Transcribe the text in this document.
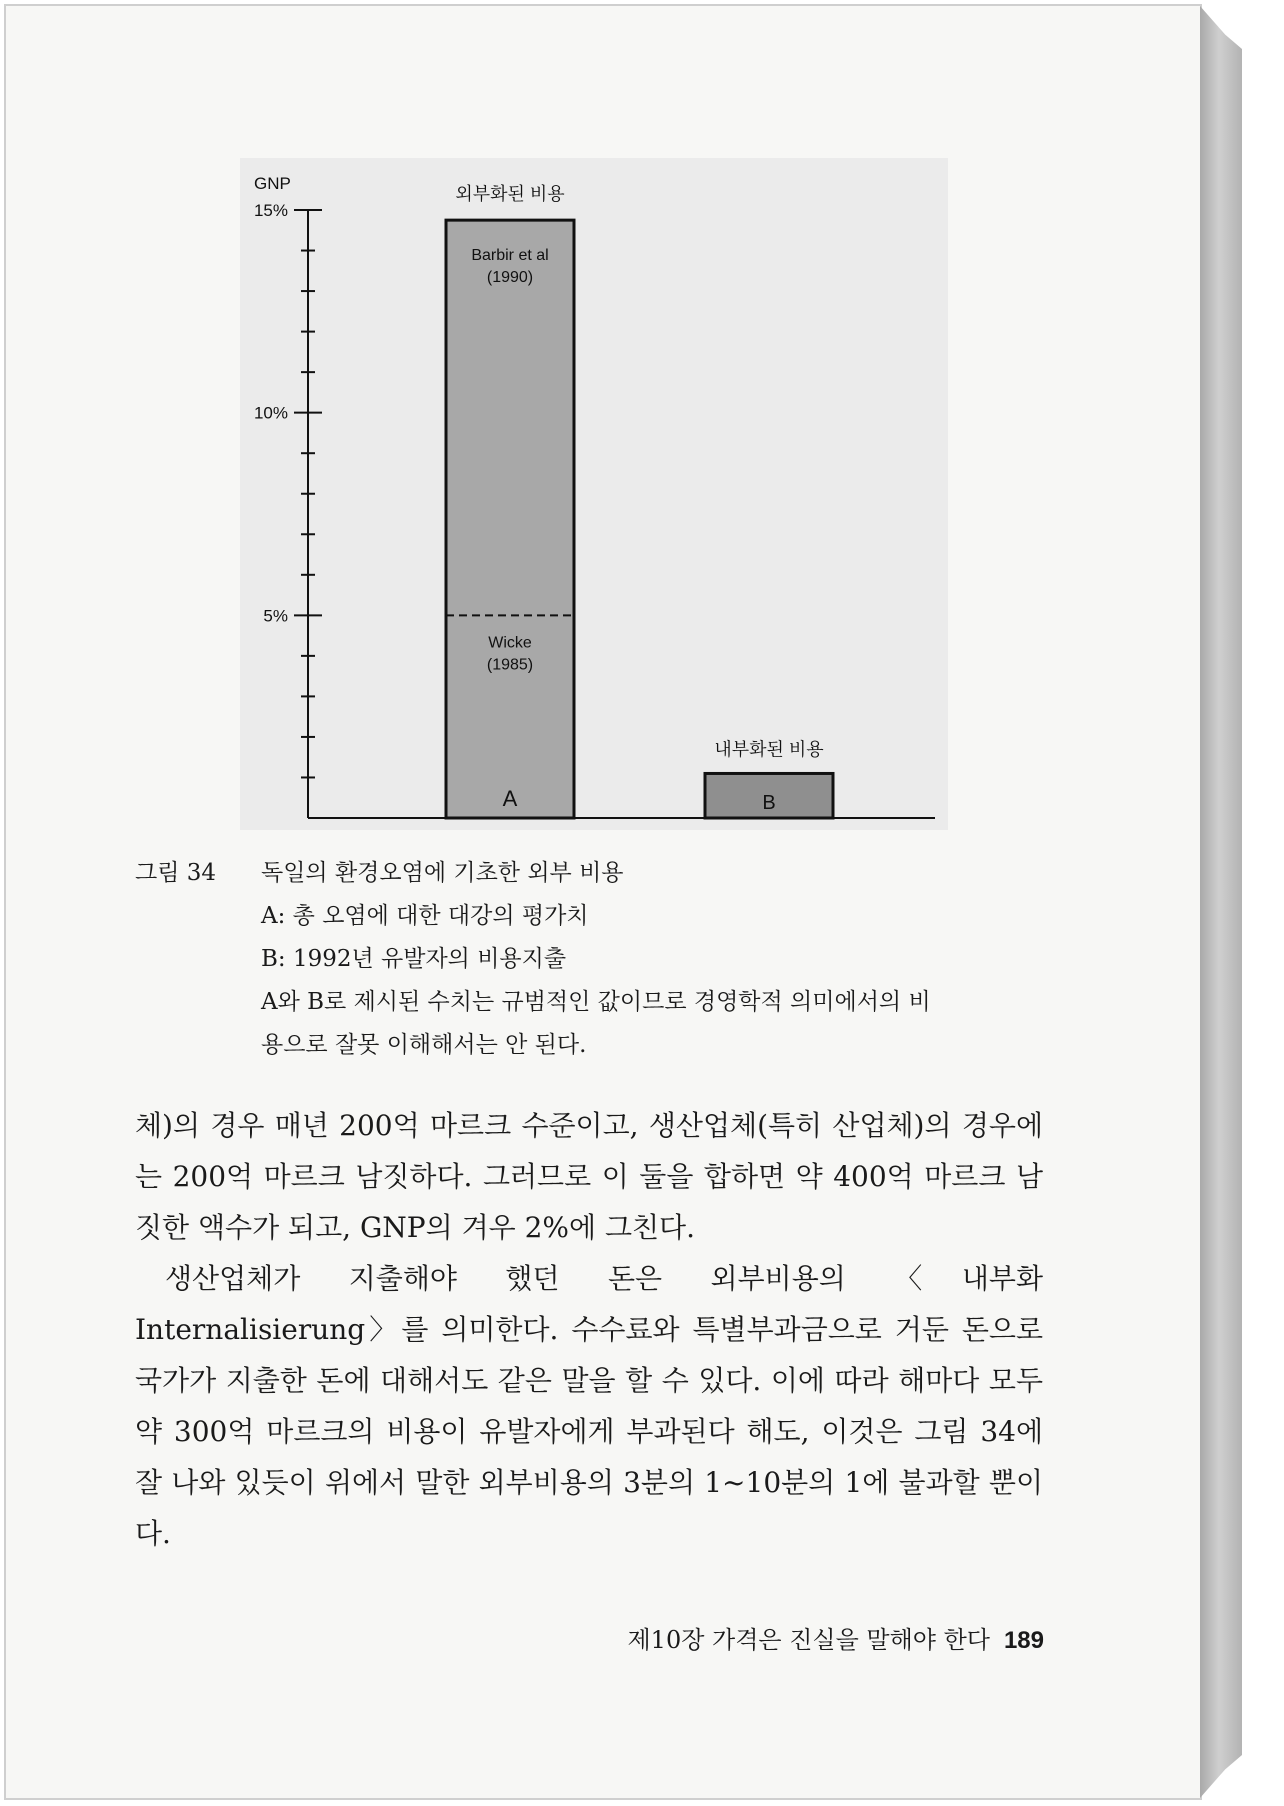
15%
10%
5%
GNP
Barbir et al
(1990)
Wicke
(1985)
A
외부화된 비용
B
내부화된 비용
그림 34 독일의 환경오염에 기초한 외부 비용
A: 총 오염에 대한 대강의 평가치
B: 1992년 유발자의 비용지출
A와 B로 제시된 수치는 규범적인 값이므로 경영학적 의미에서의 비
용으로 잘못 이해해서는 안 된다.

체)의 경우 매년 200억 마르크 수준이고, 생산업체(특히 산업체)의 경우에는 200억 마르크 남짓하다. 그러므로 이 둘을 합하면 약 400억 마르크 남짓한 액수가 되고, GNP의 겨우 2%에 그친다.

생산업체가 지출해야 했던 돈은 외부비용의 〈내부화 Internalisierung〉를 의미한다. 수수료와 특별부과금으로 거둔 돈으로 국가가 지출한 돈에 대해서도 같은 말을 할 수 있다. 이에 따라 해마다 모두 약 300억 마르크의 비용이 유발자에게 부과된다 해도, 이것은 그림 34에 잘 나와 있듯이 위에서 말한 외부비용의 3분의 1~10분의 1에 불과할 뿐이다.

제10장 가격은 진실을 말해야 한다 189
